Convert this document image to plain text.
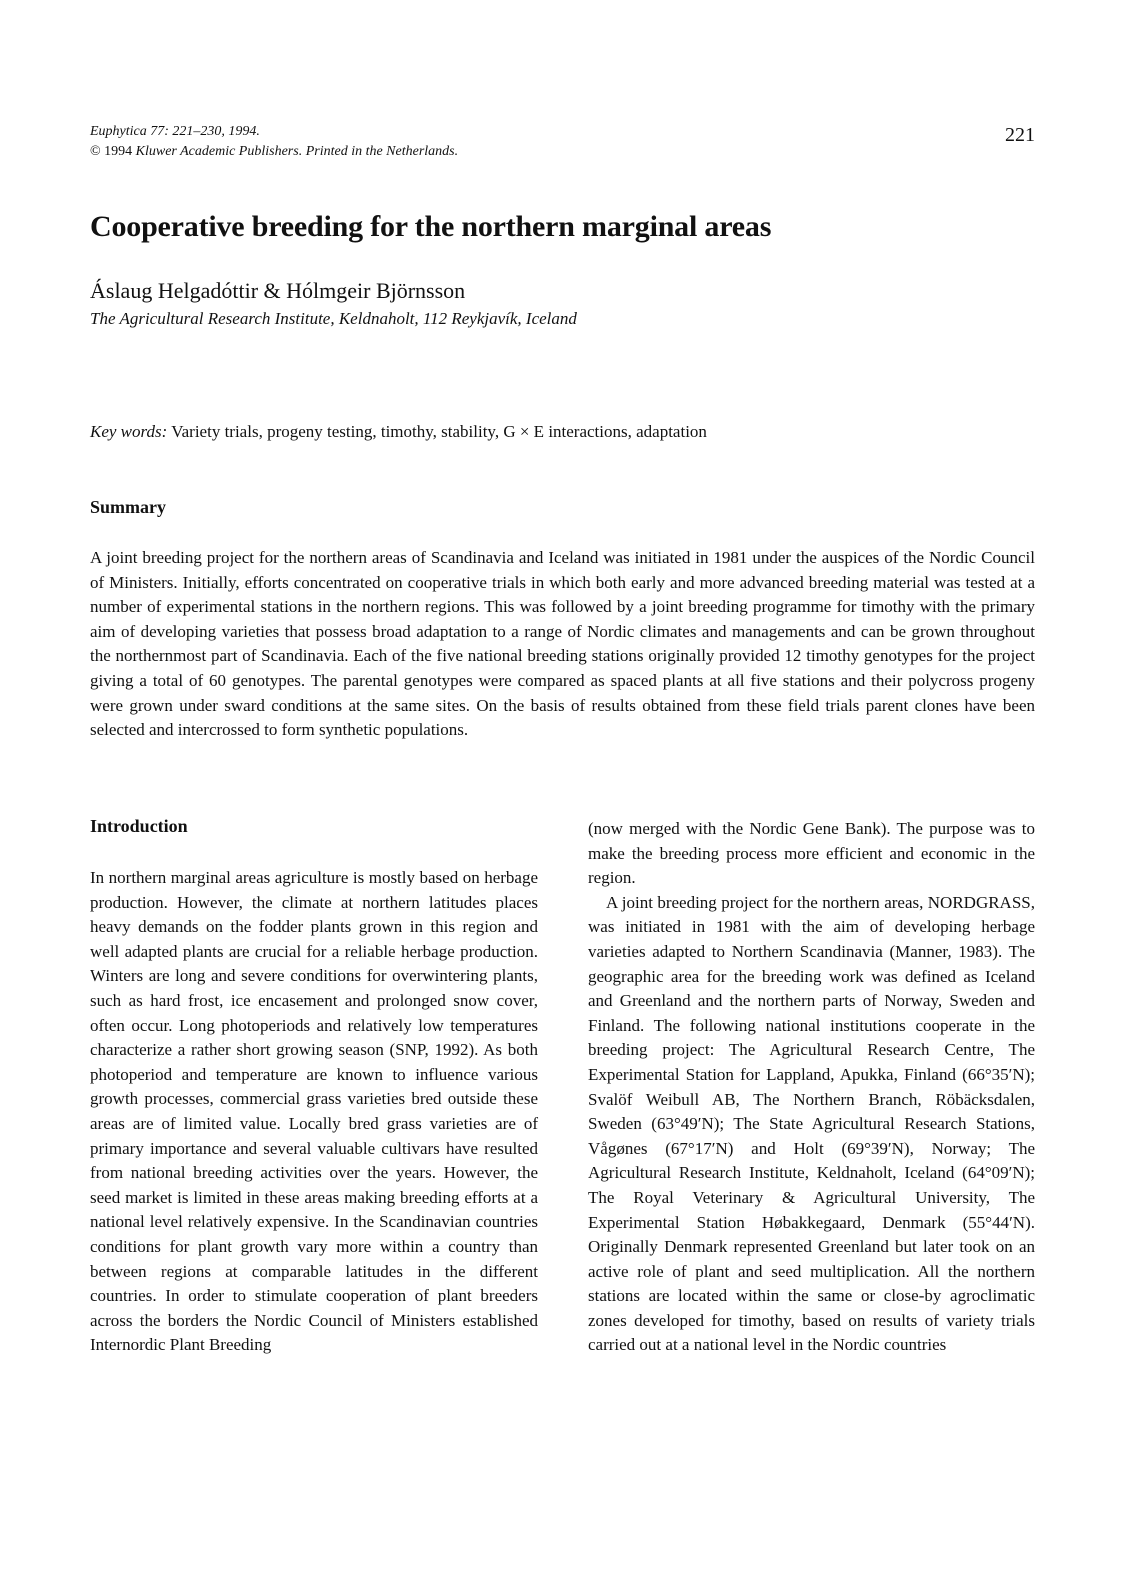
Euphytica 77: 221–230, 1994.
© 1994 Kluwer Academic Publishers. Printed in the Netherlands.
221
Cooperative breeding for the northern marginal areas
Áslaug Helgadóttir & Hólmgeir Björnsson
The Agricultural Research Institute, Keldnaholt, 112 Reykjavík, Iceland
Key words: Variety trials, progeny testing, timothy, stability, G × E interactions, adaptation
Summary

A joint breeding project for the northern areas of Scandinavia and Iceland was initiated in 1981 under the auspices of the Nordic Council of Ministers. Initially, efforts concentrated on cooperative trials in which both early and more advanced breeding material was tested at a number of experimental stations in the northern regions. This was followed by a joint breeding programme for timothy with the primary aim of developing varieties that possess broad adaptation to a range of Nordic climates and managements and can be grown throughout the northernmost part of Scandinavia. Each of the five national breeding stations originally provided 12 timothy genotypes for the project giving a total of 60 genotypes. The parental genotypes were compared as spaced plants at all five stations and their polycross progeny were grown under sward conditions at the same sites. On the basis of results obtained from these field trials parent clones have been selected and intercrossed to form synthetic populations.

Introduction

In northern marginal areas agriculture is mostly based on herbage production. However, the climate at northern latitudes places heavy demands on the fodder plants grown in this region and well adapted plants are crucial for a reliable herbage production. Winters are long and severe conditions for overwintering plants, such as hard frost, ice encasement and prolonged snow cover, often occur. Long photoperiods and relatively low temperatures characterize a rather short growing season (SNP, 1992). As both photoperiod and temperature are known to influence various growth processes, commercial grass varieties bred outside these areas are of limited value. Locally bred grass varieties are of primary importance and several valuable cultivars have resulted from national breeding activities over the years. However, the seed market is limited in these areas making breeding efforts at a national level relatively expensive. In the Scandinavian countries conditions for plant growth vary more within a country than between regions at comparable latitudes in the different countries. In order to stimulate cooperation of plant breeders across the borders the Nordic Council of Ministers established Internordic Plant Breeding

(now merged with the Nordic Gene Bank). The purpose was to make the breeding process more efficient and economic in the region.

A joint breeding project for the northern areas, NORDGRASS, was initiated in 1981 with the aim of developing herbage varieties adapted to Northern Scandinavia (Manner, 1983). The geographic area for the breeding work was defined as Iceland and Greenland and the northern parts of Norway, Sweden and Finland. The following national institutions cooperate in the breeding project: The Agricultural Research Centre, The Experimental Station for Lappland, Apukka, Finland (66°35′N); Svalöf Weibull AB, The Northern Branch, Röbäcksdalen, Sweden (63°49′N); The State Agricultural Research Stations, Vågønes (67°17′N) and Holt (69°39′N), Norway; The Agricultural Research Institute, Keldnaholt, Iceland (64°09′N); The Royal Veterinary & Agricultural University, The Experimental Station Høbakkegaard, Denmark (55°44′N). Originally Denmark represented Greenland but later took on an active role of plant and seed multiplication. All the northern stations are located within the same or close-by agroclimatic zones developed for timothy, based on results of variety trials carried out at a national level in the Nordic countries
